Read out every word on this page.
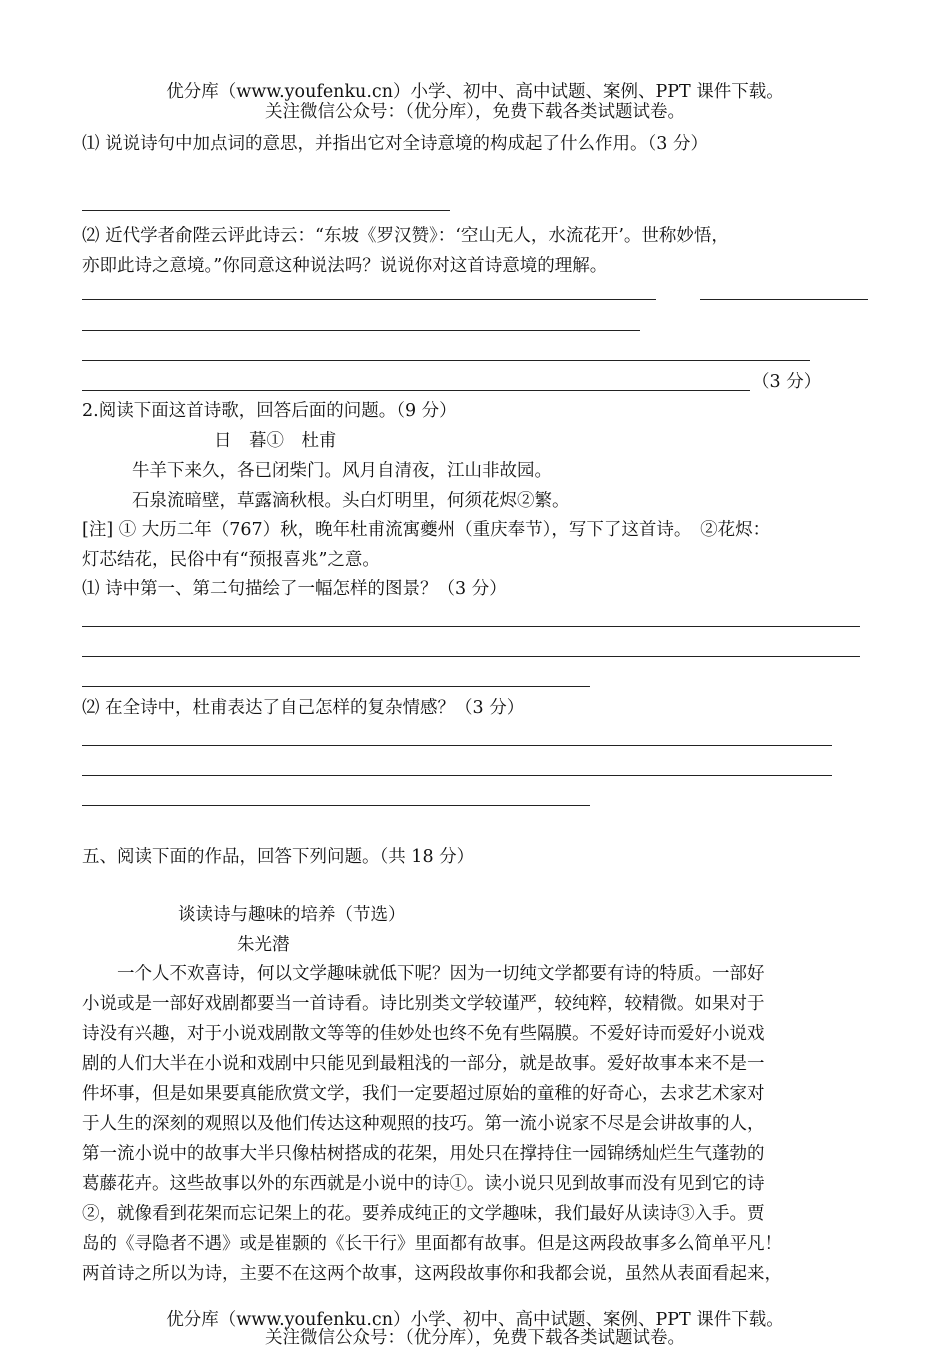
优分库（www.youfenku.cn）小学、初中、高中试题、案例、PPT 课件下载。
关注微信公众号：（优分库），免费下载各类试题试卷。
⑴ 说说诗句中加点词的意思，并指出它对全诗意境的构成起了什么作用。（3 分）
⑵ 近代学者俞陛云评此诗云：“东坡《罗汉赞》：‘空山无人，水流花开’。世称妙悟，
亦即此诗之意境。”你同意这种说法吗？说说你对这首诗意境的理解。
（3 分）
2.阅读下面这首诗歌，回答后面的问题。（9 分）
日　暮①　杜甫
牛羊下来久，各已闭柴门。风月自清夜，江山非故园。
石泉流暗壁，草露滴秋根。头白灯明里，何须花烬②繁。
[注] ① 大历二年（767）秋，晚年杜甫流寓夔州（重庆奉节），写下了这首诗。　②花烬：
灯芯结花，民俗中有“预报喜兆”之意。
⑴ 诗中第一、第二句描绘了一幅怎样的图景？（3 分）
⑵ 在全诗中，杜甫表达了自己怎样的复杂情感？（3 分）
五、阅读下面的作品，回答下列问题。（共 18 分）
谈读诗与趣味的培养（节选）
朱光潜
　　一个人不欢喜诗，何以文学趣味就低下呢？因为一切纯文学都要有诗的特质。一部好
小说或是一部好戏剧都要当一首诗看。诗比别类文学较谨严，较纯粹，较精微。如果对于
诗没有兴趣，对于小说戏剧散文等等的佳妙处也终不免有些隔膜。不爱好诗而爱好小说戏
剧的人们大半在小说和戏剧中只能见到最粗浅的一部分，就是故事。爱好故事本来不是一
件坏事，但是如果要真能欣赏文学，我们一定要超过原始的童稚的好奇心，去求艺术家对
于人生的深刻的观照以及他们传达这种观照的技巧。第一流小说家不尽是会讲故事的人，
第一流小说中的故事大半只像枯树搭成的花架，用处只在撑持住一园锦绣灿烂生气蓬勃的
葛藤花卉。这些故事以外的东西就是小说中的诗①。读小说只见到故事而没有见到它的诗
②，就像看到花架而忘记架上的花。要养成纯正的文学趣味，我们最好从读诗③入手。贾
岛的《寻隐者不遇》或是崔颢的《长干行》里面都有故事。但是这两段故事多么简单平凡！
两首诗之所以为诗，主要不在这两个故事，这两段故事你和我都会说，虽然从表面看起来，
优分库（www.youfenku.cn）小学、初中、高中试题、案例、PPT 课件下载。
关注微信公众号：（优分库），免费下载各类试题试卷。
